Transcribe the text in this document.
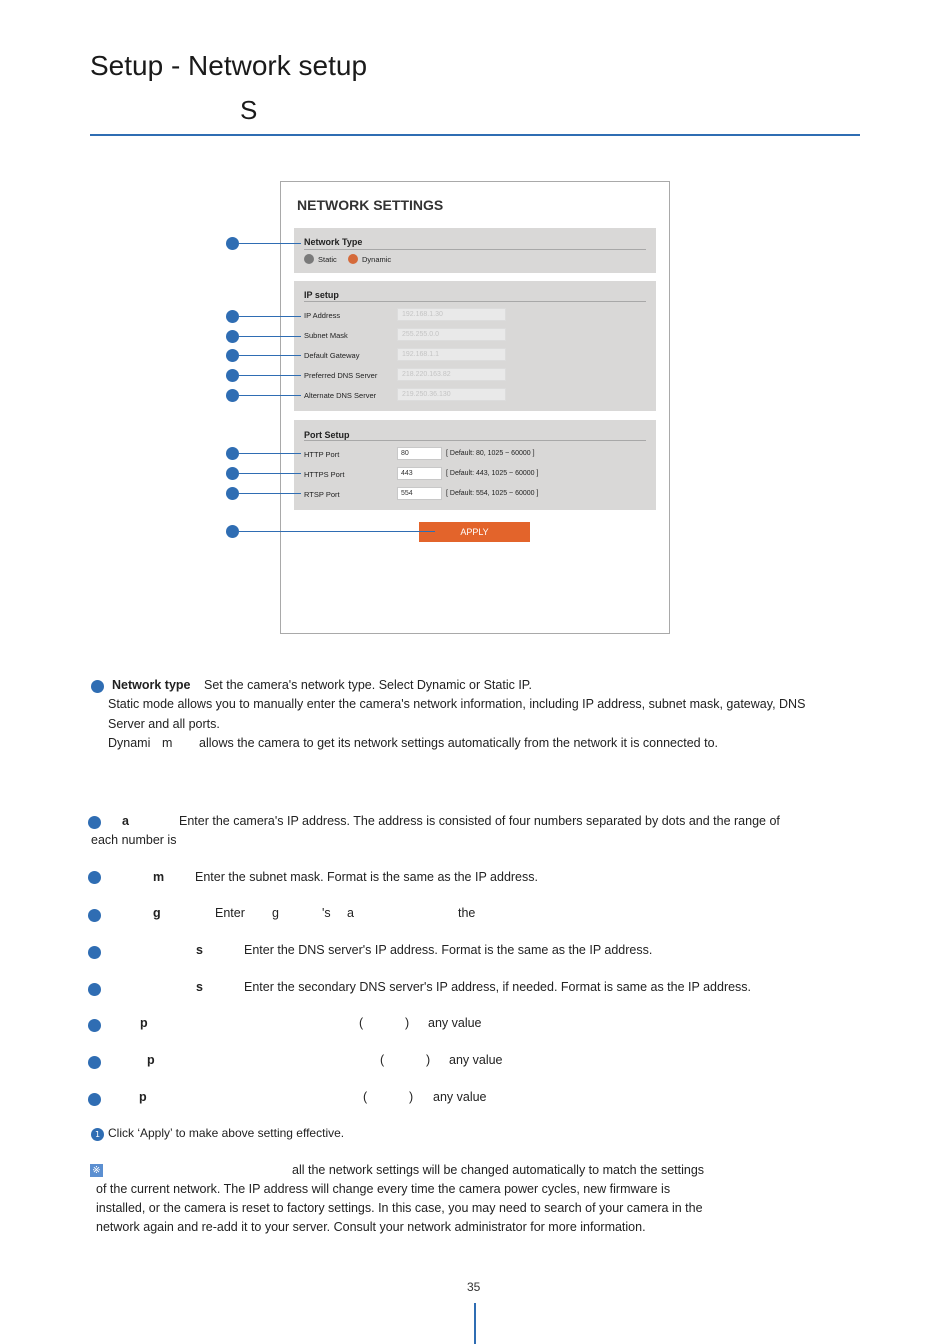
Setup - Network setup
S
NETWORK SETTINGS
Network Type
Static	Dynamic
IP setup
IP Address	192.168.1.30
Subnet Mask	255.255.0.0
Default Gateway	192.168.1.1
Preferred DNS Server	218.220.163.82
Alternate DNS Server	219.250.36.130
Port Setup
HTTP Port	80	[ Default: 80, 1025 ~ 60000 ]
HTTPS Port	443	[ Default: 443, 1025 ~ 60000 ]
RTSP Port	554	[ Default: 554, 1025 ~ 60000 ]
APPLY
Network type Set the camera's network type. Select Dynamic or Static IP.
Static mode allows you to manually enter the camera's network information, including IP address, subnet mask, gateway, DNS
Server and all ports.
Dynami m allows the camera to get its network settings automatically from the network it is connected to.
a	Enter the camera's IP address. The address is consisted of four numbers separated by dots and the range of
each number is
m Enter the subnet mask. Format is the same as the IP address.
g	Enter g	's a	the
s	Enter the DNS server's IP address. Format is the same as the IP address.
s	Enter the secondary DNS server's IP address, if needed. Format is same as the IP address.
p	(	) any value
p	(	) any value
p	(	) any value
1 Click ‘Apply’ to make above setting effective.
※	all the network settings will be changed automatically to match the settings
of the current network. The IP address will change every time the camera power cycles, new firmware is
installed, or the camera is reset to factory settings. In this case, you may need to search of your camera in the
network again and re-add it to your server. Consult your network administrator for more information.
35
